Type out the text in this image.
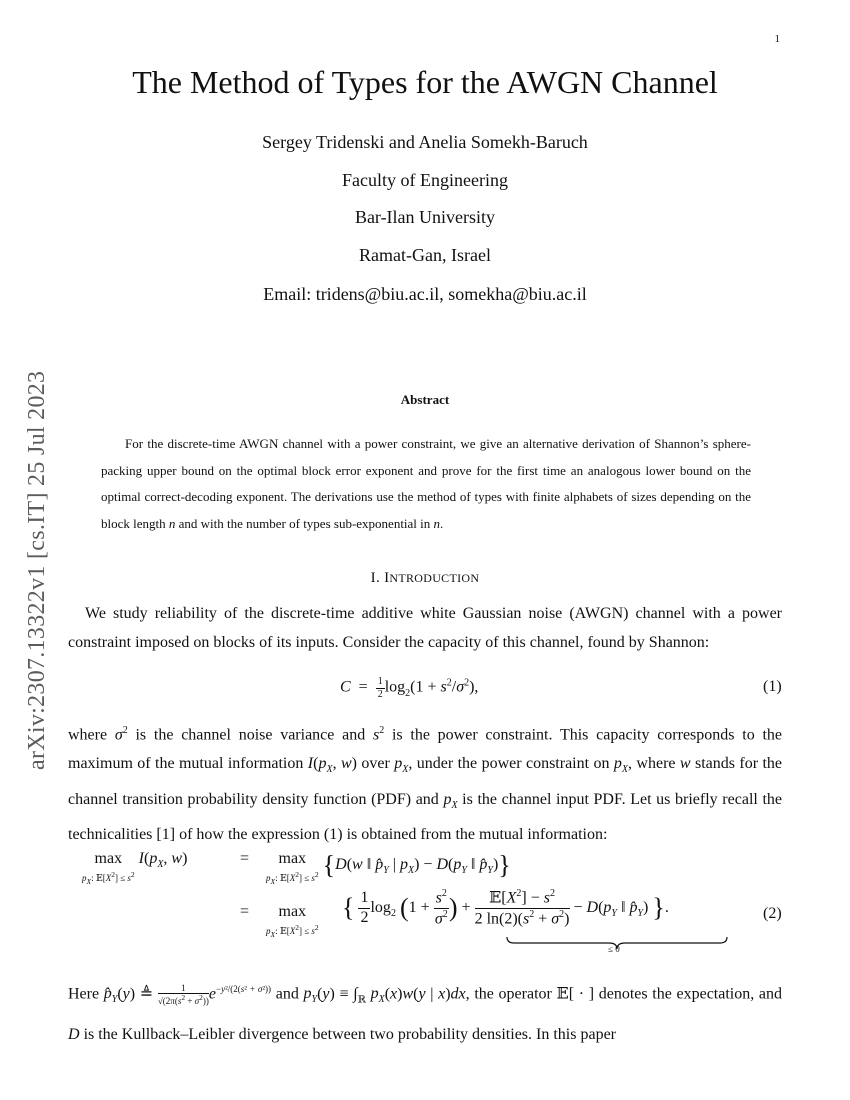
1
arXiv:2307.13322v1 [cs.IT] 25 Jul 2023
The Method of Types for the AWGN Channel
Sergey Tridenski and Anelia Somekh-Baruch
Faculty of Engineering
Bar-Ilan University
Ramat-Gan, Israel
Email: tridens@biu.ac.il, somekha@biu.ac.il
Abstract
For the discrete-time AWGN channel with a power constraint, we give an alternative derivation of Shannon’s sphere-packing upper bound on the optimal block error exponent and prove for the first time an analogous lower bound on the optimal correct-decoding exponent. The derivations use the method of types with finite alphabets of sizes depending on the block length n and with the number of types sub-exponential in n.
I. INTRODUCTION
We study reliability of the discrete-time additive white Gaussian noise (AWGN) channel with a power constraint imposed on blocks of its inputs. Consider the capacity of this channel, found by Shannon:
$C = \frac{1}{2} \log_2(1 + s^2/\sigma^2)$,	(1)
where $\sigma^2$ is the channel noise variance and $s^2$ is the power constraint. This capacity corresponds to the maximum of the mutual information $I(p_X$, w) over $p_X$, under the power constraint on $p_X$, where w stands for the channel transition probability density function (PDF) and $p_X$ is the channel input PDF. Let us briefly recall the technicalities [1] of how the expression (1) is obtained from the mutual information:
max
$p_X$: $𝔼[X^2] \le s^2$ $I(p_X$, w)	=	max
$p_X$: $𝔼[X^2] \le s^2$ {D(w ‖ $p̂_Y$ | $p_X) - D(p_Y$ ‖ $p̂_Y$)}
=	max
$p_X$: $𝔼[X^2] \le s^2$
{ $\frac{1}{2} \log_2 (1 + \frac{s^2}{\sigma^2}$ ) + $\frac{𝔼[X^2] - s^2}{2 \ln(2)(s^2 + \sigma^2)} - D(p_Y$ ‖ $p̂_Y$) }.
≤ 0
(2)
Here $p̂_Y(y)$ ≜ $\frac{1}{√(2\pi(s^2 + \sigma^2))} e^{-y^2/(2(s^2 + \sigma^2))}$ and $p_Y(y) \equiv \int_ℝ$ $p_X(x)w(y$ | x)dx, the operator 𝔼[ · ] denotes the expectation, and D is the Kullback–Leibler divergence between two probability densities. In this paper
